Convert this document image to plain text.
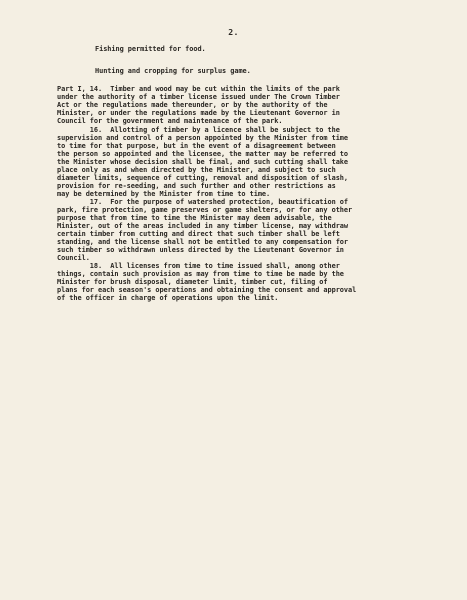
2.
Fishing permitted for food.
Hunting and cropping for surplus game.
Part I, 14.  Timber and wood may be cut within the limits of the park
under the authority of a timber license issued under The Crown Timber
Act or the regulations made thereunder, or by the authority of the
Minister, or under the regulations made by the Lieutenant Governor in
Council for the government and maintenance of the park.
16.  Allotting of timber by a licence shall be subject to the
supervision and control of a person appointed by the Minister from time
to time for that purpose, but in the event of a disagreement between
the person so appointed and the licensee, the matter may be referred to
the Minister whose decision shall be final, and such cutting shall take
place only as and when directed by the Minister, and subject to such
diameter limits, sequence of cutting, removal and disposition of slash,
provision for re-seeding, and such further and other restrictions as
may be determined by the Minister from time to time.
17.  For the purpose of watershed protection, beautification of
park, fire protection, game preserves or game shelters, or for any other
purpose that from time to time the Minister may deem advisable, the
Minister, out of the areas included in any timber license, may withdraw
certain timber from cutting and direct that such timber shall be left
standing, and the license shall not be entitled to any compensation for
such timber so withdrawn unless directed by the Lieutenant Governor in
Council.
18.  All licenses from time to time issued shall, among other
things, contain such provision as may from time to time be made by the
Minister for brush disposal, diameter limit, timber cut, filing of
plans for each season's operations and obtaining the consent and approval
of the officer in charge of operations upon the limit.
